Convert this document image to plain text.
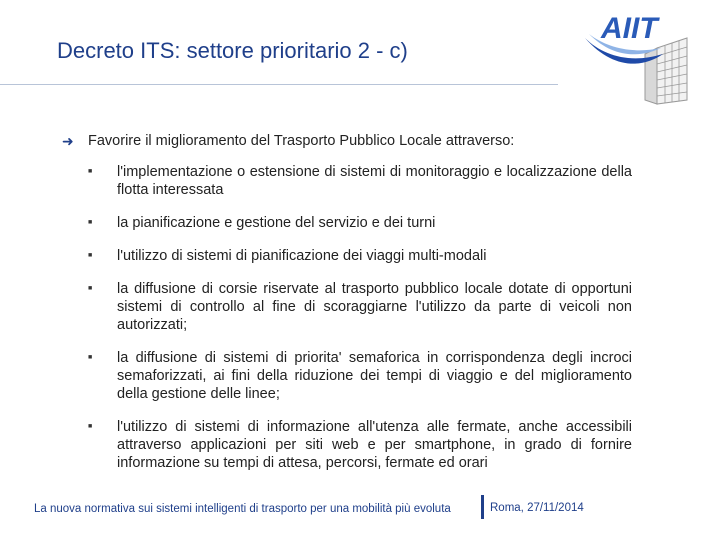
Decreto ITS: settore prioritario 2 - c)
AIIT
➜ Favorire il miglioramento del Trasporto Pubblico Locale attraverso:
■	l'implementazione o estensione di sistemi di monitoraggio e localizzazione della flotta interessata
■	la pianificazione e gestione del servizio e dei turni
■	l'utilizzo di sistemi di pianificazione dei viaggi multi-modali
■	la diffusione di corsie riservate al trasporto pubblico locale dotate di opportuni sistemi di controllo al fine di scoraggiarne l'utilizzo da parte di veicoli non autorizzati;
■	la diffusione di sistemi di priorita' semaforica in corrispondenza degli incroci semaforizzati, ai fini della riduzione dei tempi di viaggio e del miglioramento della gestione delle linee;
■	l'utilizzo di sistemi di informazione all'utenza alle fermate, anche accessibili attraverso applicazioni per siti web e per smartphone, in grado di fornire informazione su tempi di attesa, percorsi, fermate ed orari
La nuova normativa sui sistemi intelligenti di trasporto per una mobilità più evoluta	Roma, 27/11/2014
